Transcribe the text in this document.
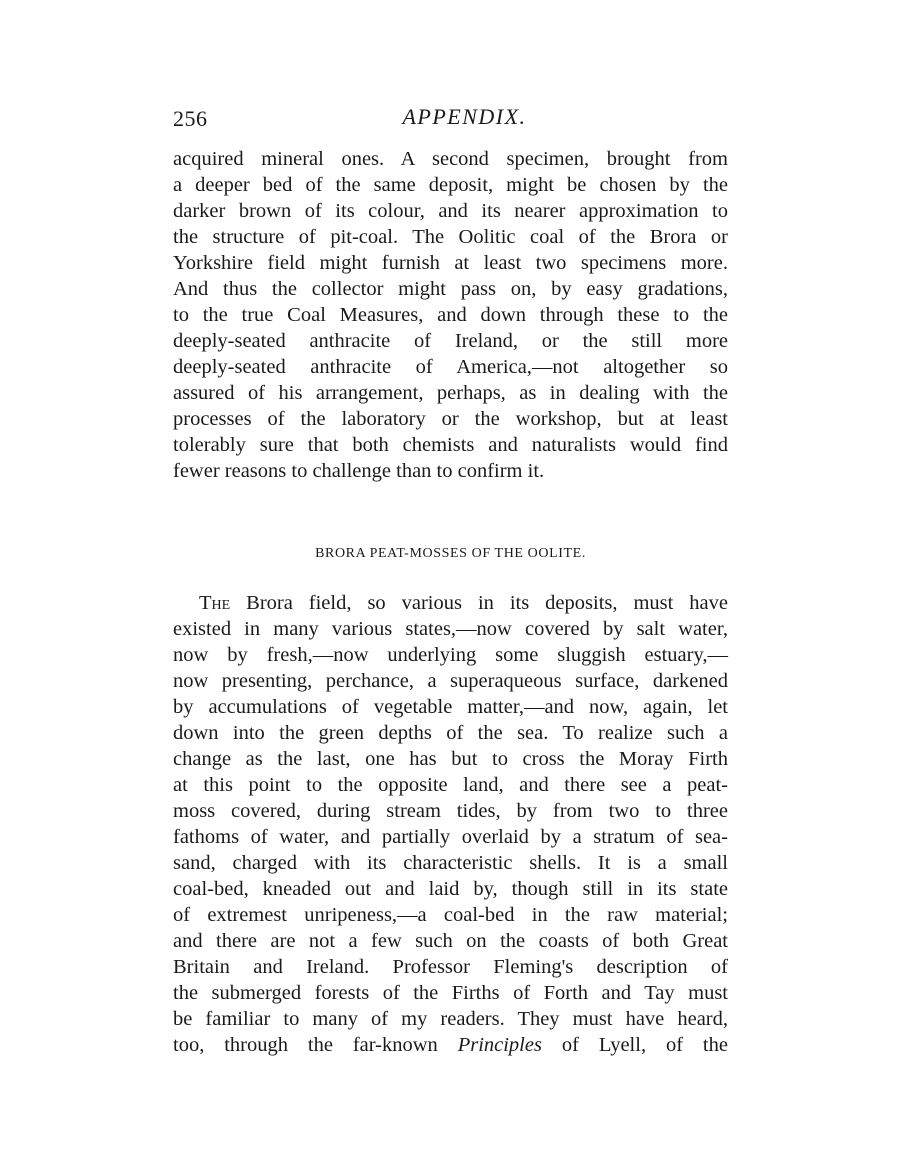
256	APPENDIX.
acquired mineral ones. A second specimen, brought from
a deeper bed of the same deposit, might be chosen by the
darker brown of its colour, and its nearer approximation to
the structure of pit-coal. The Oolitic coal of the Brora or
Yorkshire field might furnish at least two specimens more.
And thus the collector might pass on, by easy gradations,
to the true Coal Measures, and down through these to the
deeply-seated anthracite of Ireland, or the still more
deeply-seated anthracite of America,—not altogether so
assured of his arrangement, perhaps, as in dealing with the
processes of the laboratory or the workshop, but at least
tolerably sure that both chemists and naturalists would find
fewer reasons to challenge than to confirm it.
BRORA PEAT-MOSSES OF THE OOLITE.
The Brora field, so various in its deposits, must have
existed in many various states,—now covered by salt water,
now by fresh,—now underlying some sluggish estuary,—
now presenting, perchance, a superaqueous surface, darkened
by accumulations of vegetable matter,—and now, again, let
down into the green depths of the sea. To realize such a
change as the last, one has but to cross the Moray Firth
at this point to the opposite land, and there see a peat-
moss covered, during stream tides, by from two to three
fathoms of water, and partially overlaid by a stratum of sea-
sand, charged with its characteristic shells. It is a small
coal-bed, kneaded out and laid by, though still in its state
of extremest unripeness,—a coal-bed in the raw material;
and there are not a few such on the coasts of both Great
Britain and Ireland. Professor Fleming's description of
the submerged forests of the Firths of Forth and Tay must
be familiar to many of my readers. They must have heard,
too, through the far-known Principles of Lyell, of the
